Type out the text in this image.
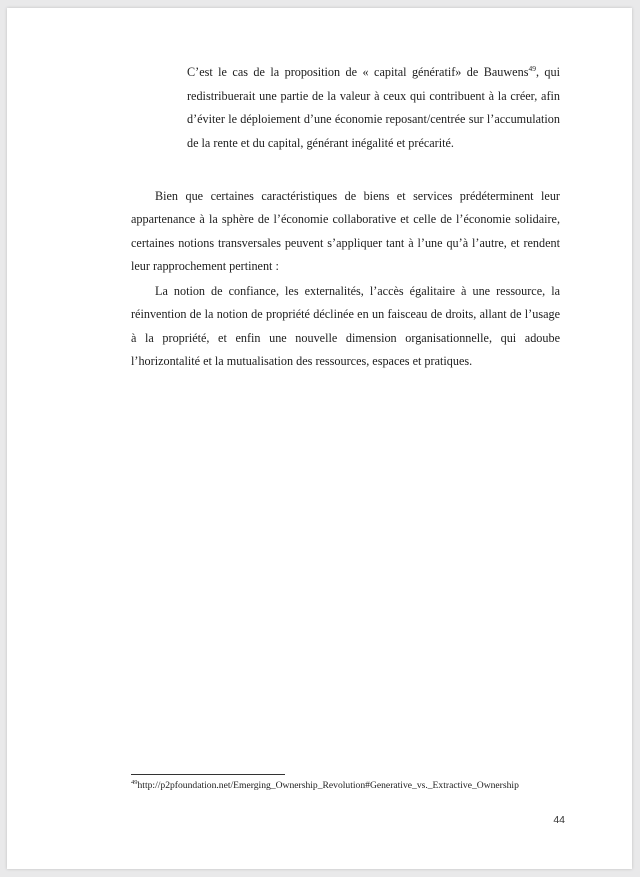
C’est le cas de la proposition de « capital génératif» de Bauwens$^{49}$, qui redistribuerait une partie de la valeur à ceux qui contribuent à la créer, afin d’éviter le déploiement d’une économie reposant/centrée sur l’accumulation de la rente et du capital, générant inégalité et précarité.
Bien que certaines caractéristiques de biens et services prédéterminent leur appartenance à la sphère de l’économie collaborative et celle de l’économie solidaire, certaines notions transversales peuvent s’appliquer tant à l’une qu’à l’autre, et rendent leur rapprochement pertinent :
La notion de confiance, les externalités, l’accès égalitaire à une ressource, la réinvention de la notion de propriété déclinée en un faisceau de droits, allant de l’usage à la propriété, et enfin une nouvelle dimension organisationnelle, qui adoube l’horizontalité et la mutualisation des ressources, espaces et pratiques.
$^{49}$http://p2pfoundation.net/Emerging_Ownership_Revolution#Generative_vs._Extractive_Ownership
44
